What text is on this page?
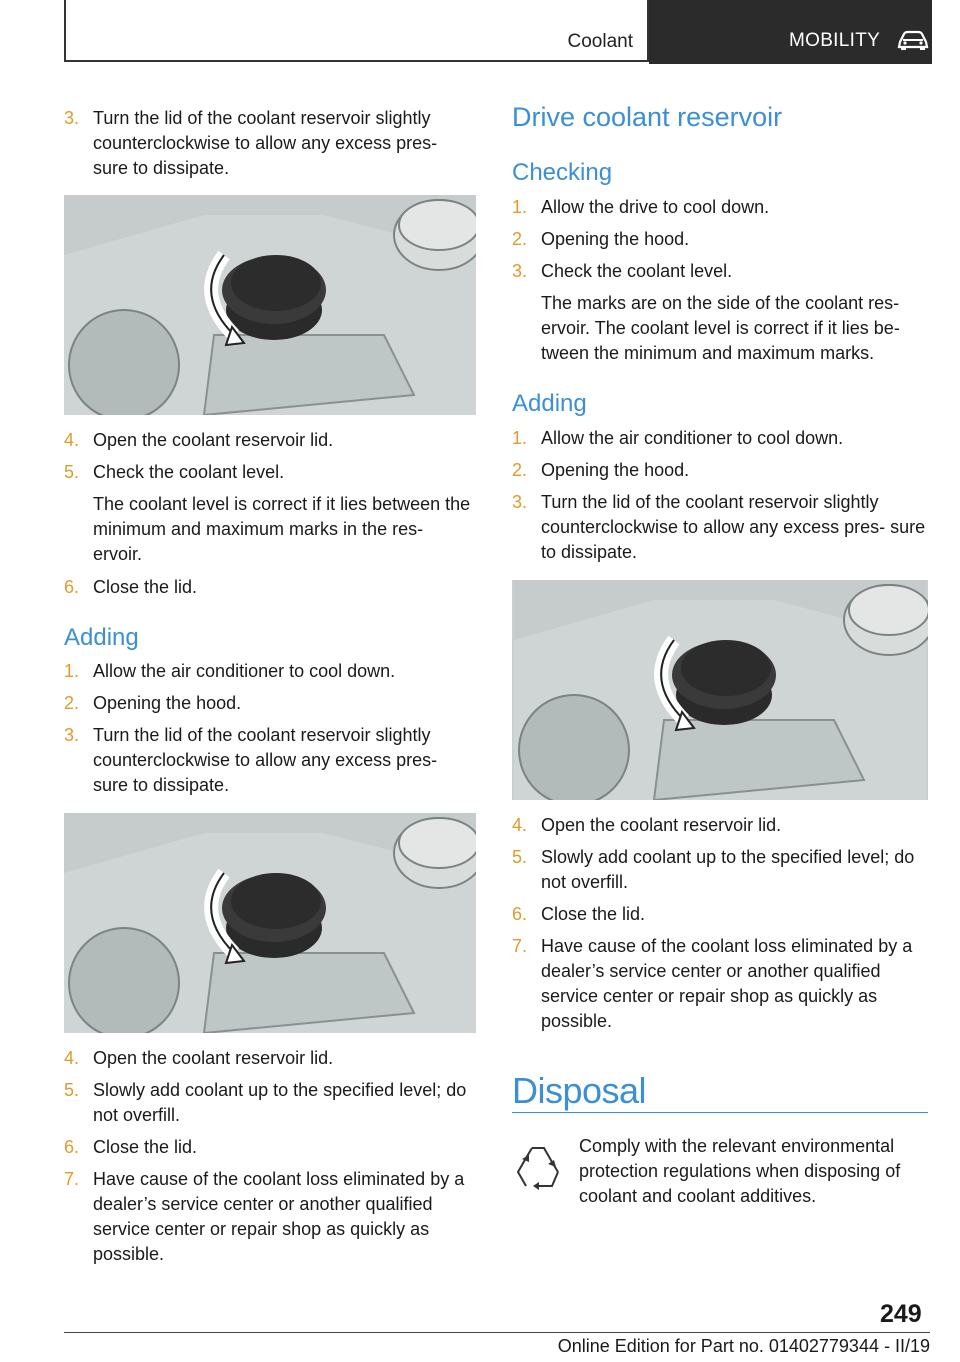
Coolant	MOBILITY
3. Turn the lid of the coolant reservoir slightly counterclockwise to allow any excess pres‐ sure to dissipate.
4. Open the coolant reservoir lid.
5. Check the coolant level.
The coolant level is correct if it lies between the minimum and maximum marks in the res‐ ervoir.
6. Close the lid.
Adding
1. Allow the air conditioner to cool down.
2. Opening the hood.
3. Turn the lid of the coolant reservoir slightly counterclockwise to allow any excess pres‐ sure to dissipate.
4. Open the coolant reservoir lid.
5. Slowly add coolant up to the specified level; do not overfill.
6. Close the lid.
7. Have cause of the coolant loss eliminated by a dealer’s service center or another qualified service center or repair shop as quickly as possible.
Drive coolant reservoir
Checking
1. Allow the drive to cool down.
2. Opening the hood.
3. Check the coolant level.
The marks are on the side of the coolant res‐ ervoir. The coolant level is correct if it lies be‐ tween the minimum and maximum marks.
Adding
1. Allow the air conditioner to cool down.
2. Opening the hood.
3. Turn the lid of the coolant reservoir slightly counterclockwise to allow any excess pres‐ sure to dissipate.
4. Open the coolant reservoir lid.
5. Slowly add coolant up to the specified level; do not overfill.
6. Close the lid.
7. Have cause of the coolant loss eliminated by a dealer’s service center or another qualified service center or repair shop as quickly as possible.
Disposal
Comply with the relevant environmental protection regulations when disposing of coolant and coolant additives.
249
Online Edition for Part no. 01402779344 - II/19
